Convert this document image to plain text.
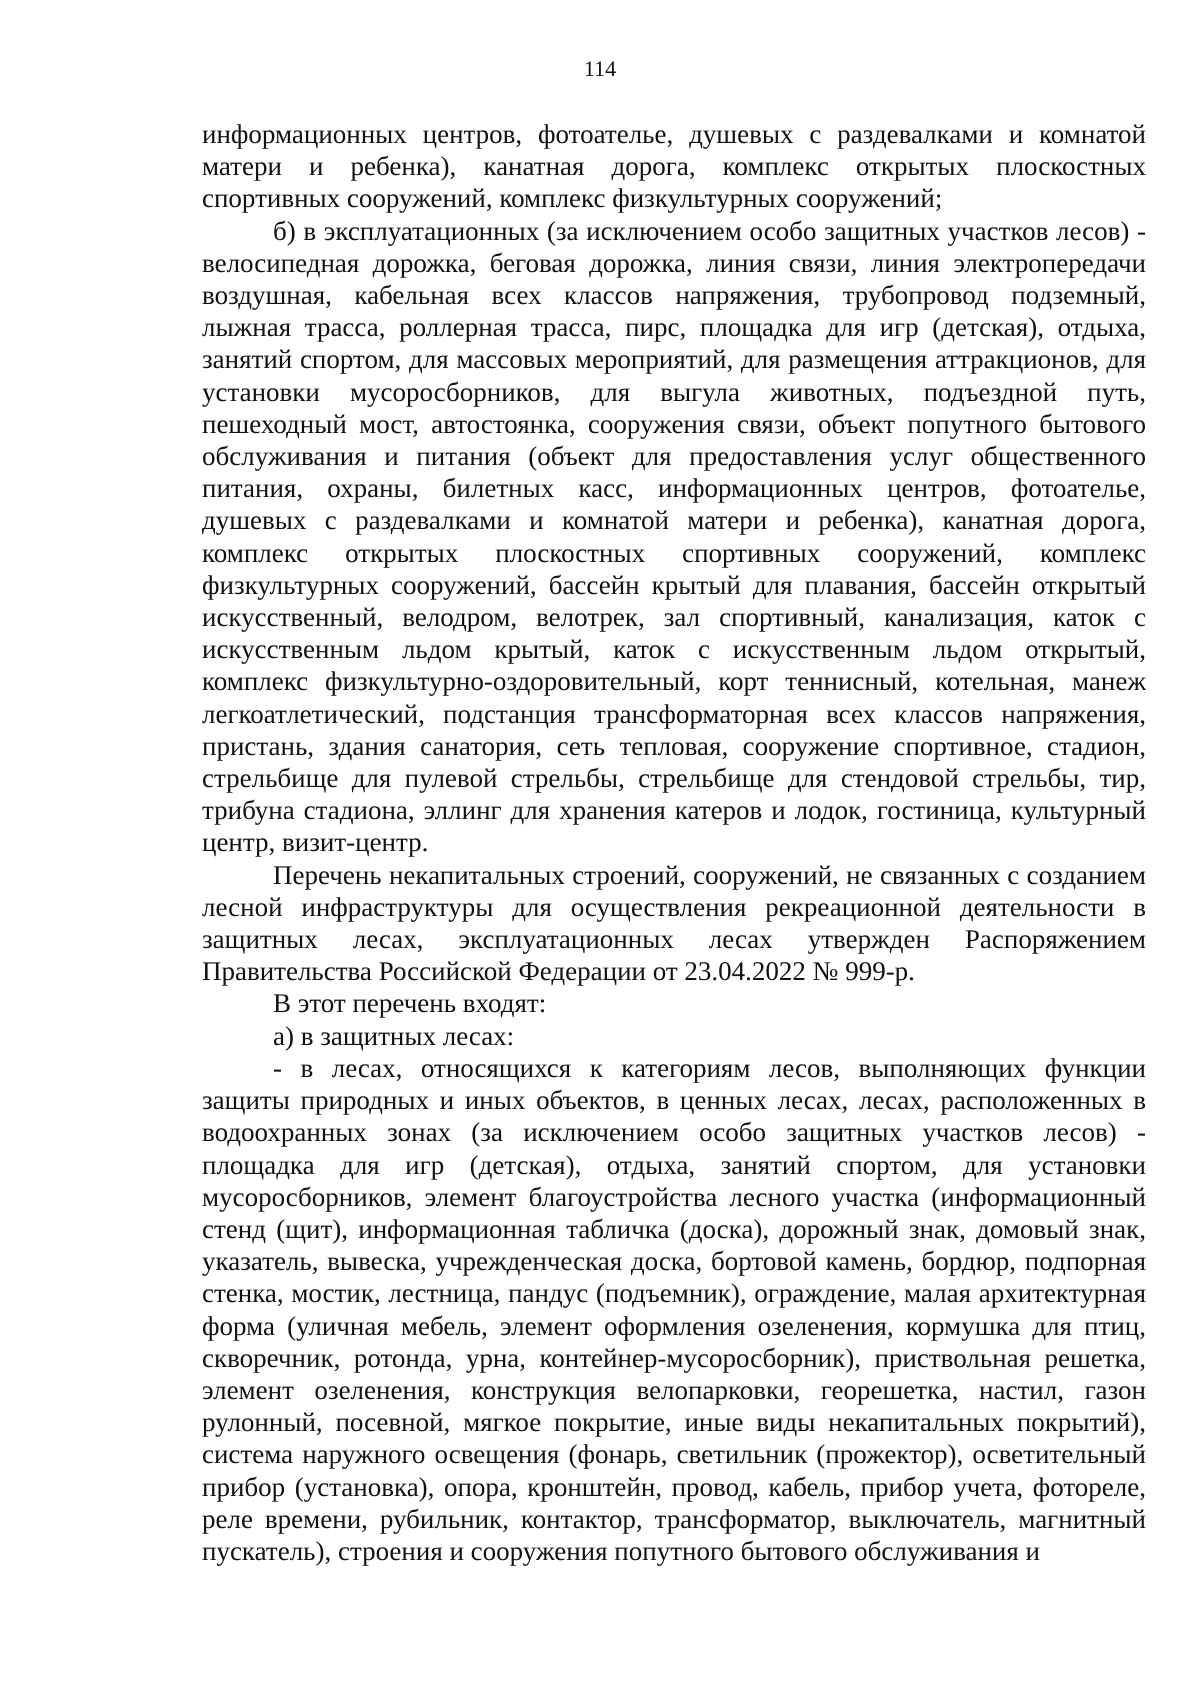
114

информационных центров, фотоателье, душевых с раздевалками и комнатой матери и ребенка), канатная дорога, комплекс открытых плоскостных спортивных сооружений, комплекс физкультурных сооружений;

б) в эксплуатационных (за исключением особо защитных участков лесов) - велосипедная дорожка, беговая дорожка, линия связи, линия электропередачи воздушная, кабельная всех классов напряжения, трубопровод подземный, лыжная трасса, роллерная трасса, пирс, площадка для игр (детская), отдыха, занятий спортом, для массовых мероприятий, для размещения аттракционов, для установки мусоросборников, для выгула животных, подъездной путь, пешеходный мост, автостоянка, сооружения связи, объект попутного бытового обслуживания и питания (объект для предоставления услуг общественного питания, охраны, билетных касс, информационных центров, фотоателье, душевых с раздевалками и комнатой матери и ребенка), канатная дорога, комплекс открытых плоскостных спортивных сооружений, комплекс физкультурных сооружений, бассейн крытый для плавания, бассейн открытый искусственный, велодром, велотрек, зал спортивный, канализация, каток с искусственным льдом крытый, каток с искусственным льдом открытый, комплекс физкультурно-оздоровительный, корт теннисный, котельная, манеж легкоатлетический, подстанция трансформаторная всех классов напряжения, пристань, здания санатория, сеть тепловая, сооружение спортивное, стадион, стрельбище для пулевой стрельбы, стрельбище для стендовой стрельбы, тир, трибуна стадиона, эллинг для хранения катеров и лодок, гостиница, культурный центр, визит-центр.

Перечень некапитальных строений, сооружений, не связанных с созданием лесной инфраструктуры для осуществления рекреационной деятельности в защитных лесах, эксплуатационных лесах утвержден Распоряжением Правительства Российской Федерации от 23.04.2022 № 999-р.

В этот перечень входят:

а) в защитных лесах:

- в лесах, относящихся к категориям лесов, выполняющих функции защиты природных и иных объектов, в ценных лесах, лесах, расположенных в водоохранных зонах (за исключением особо защитных участков лесов) - площадка для игр (детская), отдыха, занятий спортом, для установки мусоросборников, элемент благоустройства лесного участка (информационный стенд (щит), информационная табличка (доска), дорожный знак, домовый знак, указатель, вывеска, учрежденческая доска, бортовой камень, бордюр, подпорная стенка, мостик, лестница, пандус (подъемник), ограждение, малая архитектурная форма (уличная мебель, элемент оформления озеленения, кормушка для птиц, скворечник, ротонда, урна, контейнер-мусоросборник), приствольная решетка, элемент озеленения, конструкция велопарковки, георешетка, настил, газон рулонный, посевной, мягкое покрытие, иные виды некапитальных покрытий), система наружного освещения (фонарь, светильник (прожектор), осветительный прибор (установка), опора, кронштейн, провод, кабель, прибор учета, фотореле, реле времени, рубильник, контактор, трансформатор, выключатель, магнитный пускатель), строения и сооружения попутного бытового обслуживания и
